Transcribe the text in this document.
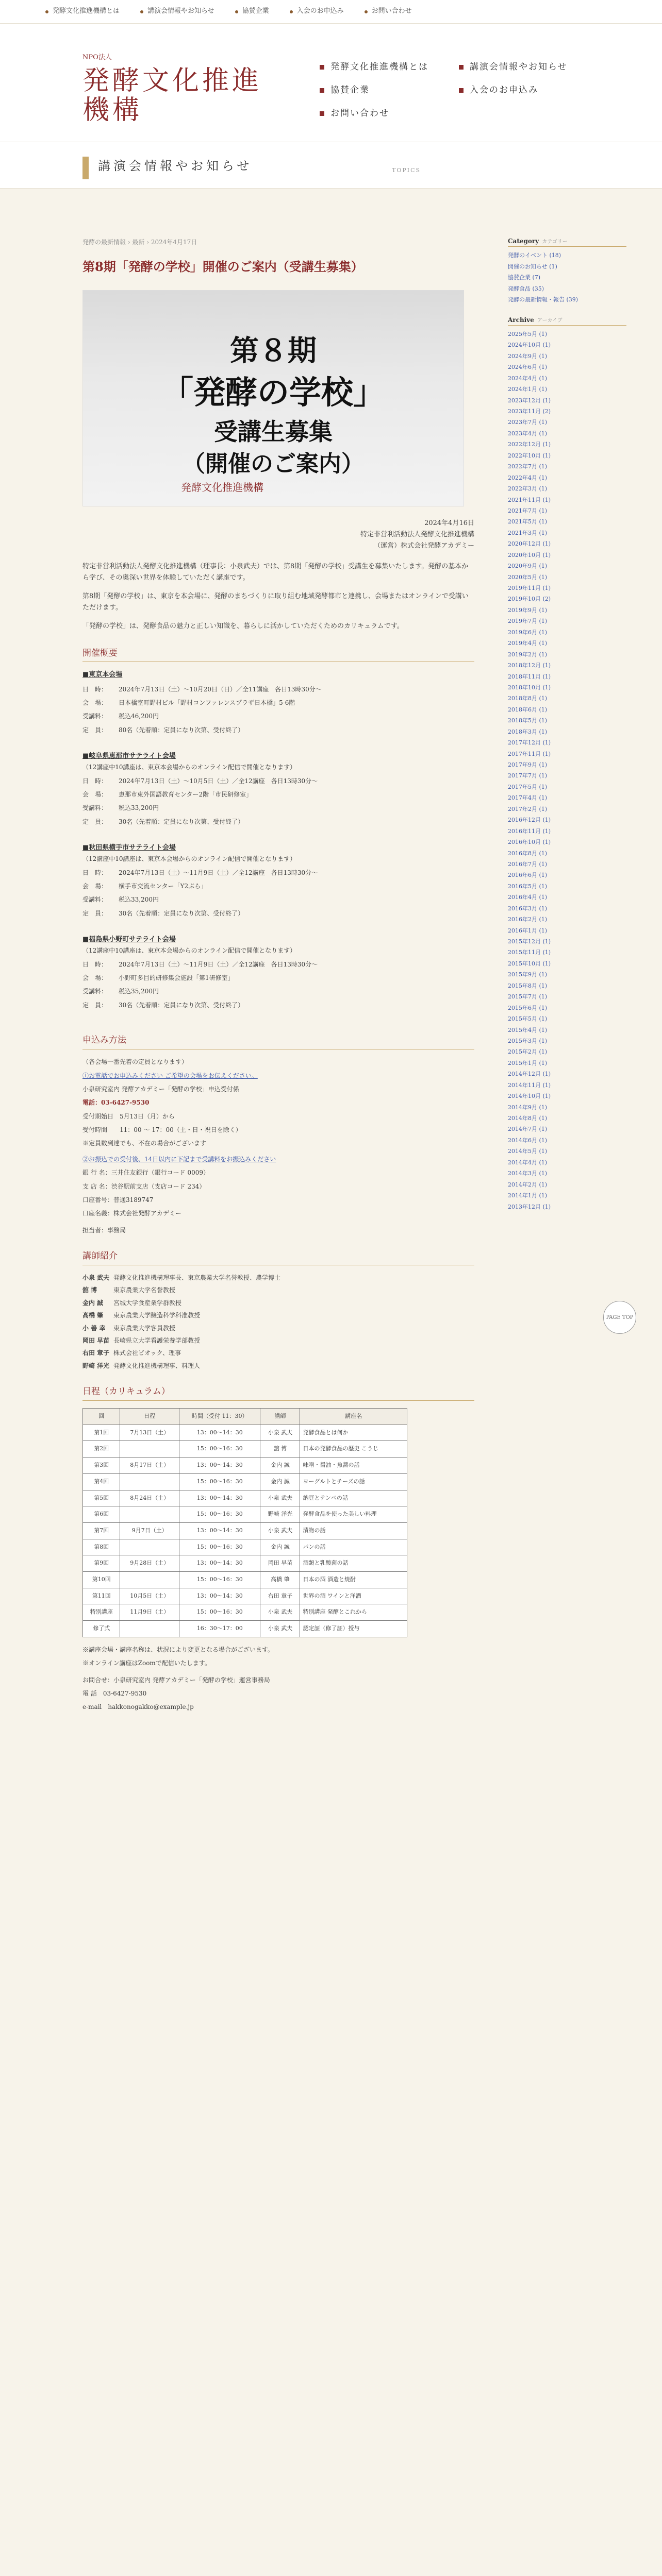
発酵文化推進機構とは	講演会情報やお知らせ	協賛企業	入会のお申込み	お問い合わせ
NPO法人
発酵文化推進機構
発酵文化推進機構とは	講演会情報やお知らせ
協賛企業	入会のお申込み
お問い合わせ
講演会情報やお知らせ	TOPICS
発酵の最新情報 › 最新 › 2024年4月17日
第8期「発酵の学校」開催のご案内（受講生募集）
第８期
「発酵の学校」
受講生募集
（開催のご案内）
発酵文化推進機構
2024年4月16日
特定非営利活動法人発酵文化推進機構
（運営）株式会社発酵アカデミー

特定非営利活動法人発酵文化推進機構（理事長：小泉武夫）では、第8期「発酵の学校」受講生を募集いたします。発酵の基本から学び、その奥深い世界を体験していただく講座です。

第8期「発酵の学校」は、東京を本会場に、発酵のまちづくりに取り組む地域発酵都市と連携し、会場またはオンラインで受講いただけます。

「発酵の学校」は、発酵食品の魅力と正しい知識を、暮らしに活かしていただくためのカリキュラムです。

開催概要
■東京本会場
日　時：	2024年7月13日（土）〜10月20日（日）／全11講座　各日13時30分〜
会　場：	日本橋室町野村ビル「野村コンファレンスプラザ日本橋」5-6階
受講料：	税込46,200円
定　員：	80名（先着順：定員になり次第、受付終了）
■岐阜県恵那市サテライト会場
（12講座中10講座は、東京本会場からのオンライン配信で開催となります）
日　時：	2024年7月13日（土）〜10月5日（土）／全12講座　各日13時30分〜
会　場：	恵那市東外国語教育センター2階「市民研修室」
受講料：	税込33,200円
定　員：	30名（先着順：定員になり次第、受付終了）
■秋田県横手市サテライト会場
（12講座中10講座は、東京本会場からのオンライン配信で開催となります）
日　時：	2024年7月13日（土）〜11月9日（土）／全12講座　各日13時30分〜
会　場：	横手市交流センター「Y2ぷら」
受講料：	税込33,200円
定　員：	30名（先着順：定員になり次第、受付終了）
■福島県小野町サテライト会場
（12講座中10講座は、東京本会場からのオンライン配信で開催となります）
日　時：	2024年7月13日（土）〜11月9日（土）／全12講座　各日13時30分〜
会　場：	小野町多目的研修集会施設「第1研修室」
受講料：	税込35,200円
定　員：	30名（先着順：定員になり次第、受付終了）
申込み方法
（各会場一番先着の定員となります）
①お電話でお申込みください ご希望の会場をお伝えください。
小泉研究室内 発酵アカデミー「発酵の学校」申込受付係
電話：03-6427-9530
受付期始日　5月13日（月）から
受付時間　　11：00 〜 17：00（土・日・祝日を除く）
※定員数到達でも、不在の場合がございます
②お振込での受付後、14日以内に下記まで受講料をお振込みください
銀 行 名：三井住友銀行（銀行コード 0009）
支 店 名：渋谷駅前支店（支店コード 234）
口座番号：普通3189747
口座名義：株式会社発酵アカデミー
担当者：事務局
講師紹介
小泉 武夫 発酵文化推進機構理事長、東京農業大学名誉教授、農学博士
舘 博	東京農業大学名誉教授
金内 誠	宮城大学食産業学群教授
高橋 肇	東京農業大学醸造科学科准教授
小 善 幸	東京農業大学客員教授
岡田 早苗 長崎県立大学看護栄養学部教授
右田 章子 株式会社ビオック、理事
野崎 洋光 発酵文化推進機構理事、料理人
日程（カリキュラム）
回	日程	時間（受付 11：30）	講師	講座名
第1回	7月13日（土）	13：00〜14：30	小泉 武夫	発酵食品とは何か
第2回		15：00〜16：30	舘 博	日本の発酵食品の歴史 こうじ
第3回	8月17日（土）	13：00〜14：30	金内 誠	味噌・醤油・魚醤の話
第4回		15：00〜16：30	金内 誠	ヨーグルトとチーズの話
第5回	8月24日（土）	13：00〜14：30	小泉 武夫	納豆とテンペの話
第6回		15：00〜16：30	野崎 洋光	発酵食品を使った美しい料理
第7回	9月7日（土）	13：00〜14：30	小泉 武夫	漬物の話
第8回		15：00〜16：30	金内 誠	パンの話
第9回	9月28日（土）	13：00〜14：30	岡田 早苗	酒類と乳酸菌の話
第10回		15：00〜16：30	高橋 肇	日本の酒 酒造と焼酎
第11回	10月5日（土）	13：00〜14：30	右田 章子	世界の酒 ワインと洋酒
特別講座	11月9日（土）	15：00〜16：30	小泉 武夫	特別講座 発酵とこれから
修了式		16：30〜17：00	小泉 武夫	認定証（修了証）授与
※講座会場・講座名称は、状況により変更となる場合がございます。
※オンライン講座はZoomで配信いたします。
お問合せ：小泉研究室内 発酵アカデミー「発酵の学校」運営事務局
電 話　03-6427-9530
e-mail　hakkonogakko@example.jp
Category カテゴリー
発酵のイベント (18)
開催のお知らせ (1)
協賛企業 (7)
発酵食品 (35)
発酵の最新情報・報告 (39)
Archive アーカイブ
2025年5月 (1)
2024年10月 (1)
2024年9月 (1)
2024年6月 (1)
2024年4月 (1)
2024年1月 (1)
2023年12月 (1)
2023年11月 (2)
2023年7月 (1)
2023年4月 (1)
2022年12月 (1)
2022年10月 (1)
2022年7月 (1)
2022年4月 (1)
2022年3月 (1)
2021年11月 (1)
2021年7月 (1)
2021年5月 (1)
2021年3月 (1)
2020年12月 (1)
2020年10月 (1)
2020年9月 (1)
2020年5月 (1)
2019年11月 (1)
2019年10月 (2)
2019年9月 (1)
2019年7月 (1)
2019年6月 (1)
2019年4月 (1)
2019年2月 (1)
2018年12月 (1)
2018年11月 (1)
2018年10月 (1)
2018年8月 (1)
2018年6月 (1)
2018年5月 (1)
2018年3月 (1)
2017年12月 (1)
2017年11月 (1)
2017年9月 (1)
2017年7月 (1)
2017年5月 (1)
2017年4月 (1)
2017年2月 (1)
2016年12月 (1)
2016年11月 (1)
2016年10月 (1)
2016年8月 (1)
2016年7月 (1)
2016年6月 (1)
2016年5月 (1)
2016年4月 (1)
2016年3月 (1)
2016年2月 (1)
2016年1月 (1)
2015年12月 (1)
2015年11月 (1)
2015年10月 (1)
2015年9月 (1)
2015年8月 (1)
2015年7月 (1)
2015年6月 (1)
2015年5月 (1)
2015年4月 (1)
2015年3月 (1)
2015年2月 (1)
2015年1月 (1)
2014年12月 (1)
2014年11月 (1)
2014年10月 (1)
2014年9月 (1)
2014年8月 (1)
2014年7月 (1)
2014年6月 (1)
2014年5月 (1)
2014年4月 (1)
2014年3月 (1)
2014年2月 (1)
2014年1月 (1)
2013年12月 (1)
PAGE TOP
